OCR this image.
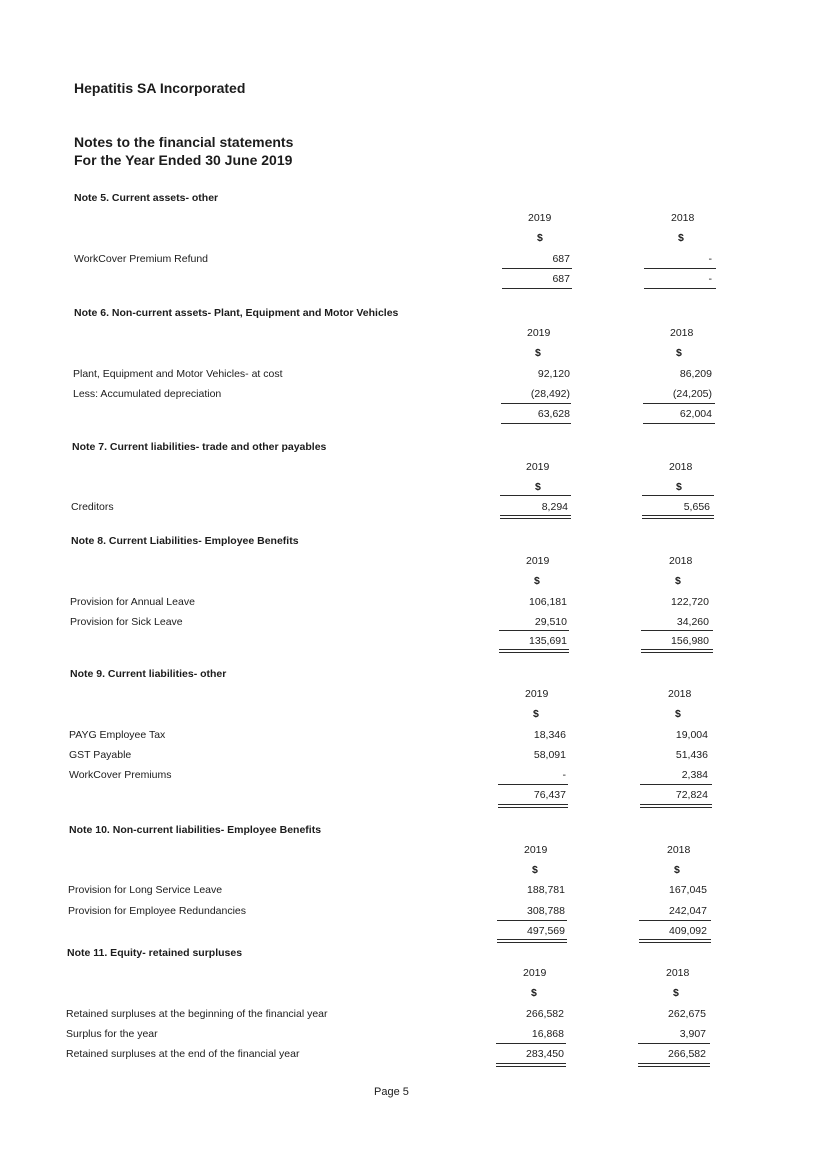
Hepatitis SA Incorporated
Notes to the financial statements
For the Year Ended 30 June 2019
Note 5. Current assets- other
2019	2018
$	$
WorkCover Premium Refund	687	-
687	-
Note 6. Non-current assets- Plant, Equipment and Motor Vehicles
2019	2018
$	$
Plant, Equipment and Motor Vehicles- at cost	92,120	86,209
Less: Accumulated depreciation	(28,492)	(24,205)
63,628	62,004
Note 7. Current liabilities- trade and other payables
2019	2018
$	$
Creditors	8,294	5,656
Note 8. Current Liabilities- Employee Benefits
2019	2018
$	$
Provision for Annual Leave	106,181	122,720
Provision for Sick Leave	29,510	34,260
135,691	156,980
Note 9. Current liabilities- other
2019	2018
$	$
PAYG Employee Tax	18,346	19,004
GST Payable	58,091	51,436
WorkCover Premiums	-	2,384
76,437	72,824
Note 10. Non-current liabilities- Employee Benefits
2019	2018
$	$
Provision for Long Service Leave	188,781	167,045
Provision for Employee Redundancies	308,788	242,047
497,569	409,092
Note 11. Equity- retained surpluses
2019	2018
$	$
Retained surpluses at the beginning of the financial year	266,582	262,675
Surplus for the year	16,868	3,907
Retained surpluses at the end of the financial year	283,450	266,582
Page 5
